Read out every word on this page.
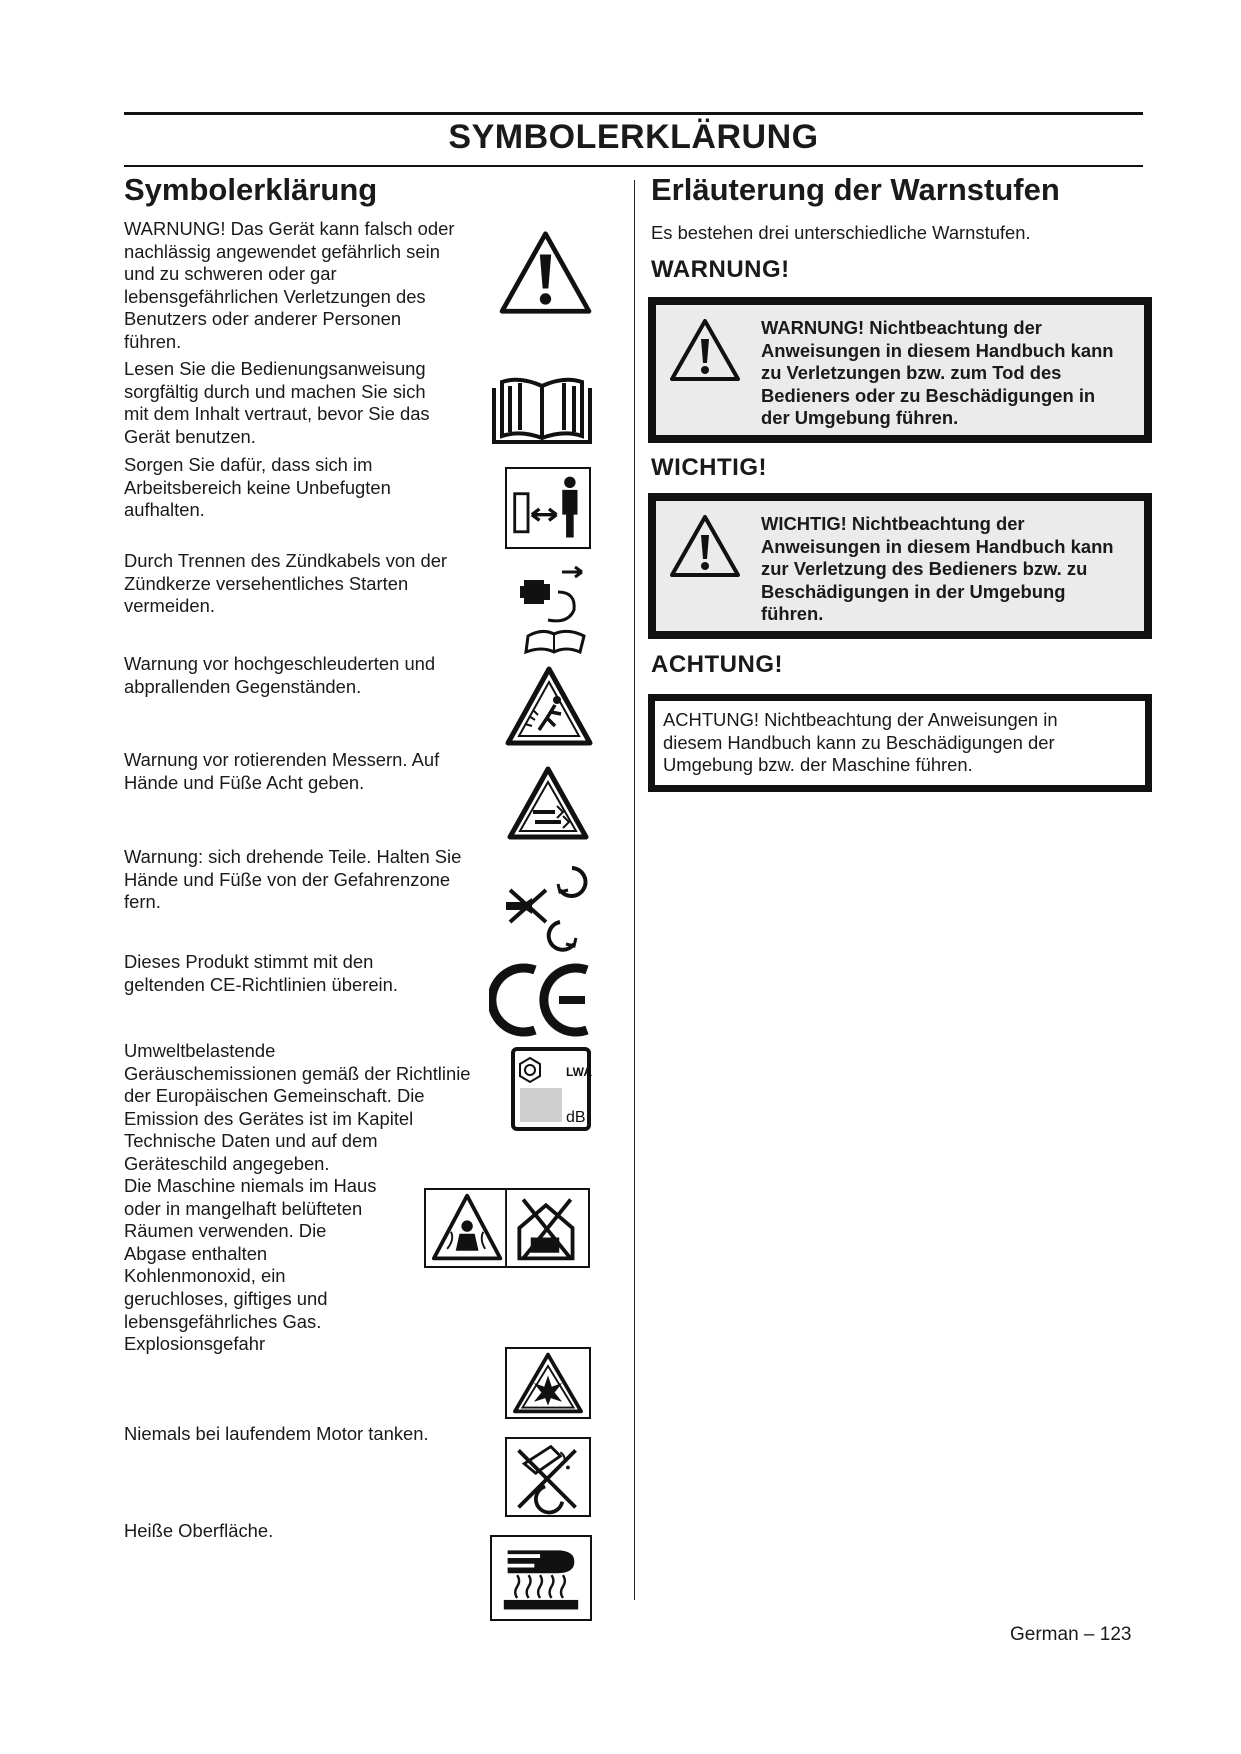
SYMBOLERKLÄRUNG
Symbolerklärung
WARNUNG! Das Gerät kann falsch oder
nachlässig angewendet gefährlich sein
und zu schweren oder gar
lebensgefährlichen Verletzungen des
Benutzers oder anderer Personen
führen.
Lesen Sie die Bedienungsanweisung
sorgfältig durch und machen Sie sich
mit dem Inhalt vertraut, bevor Sie das
Gerät benutzen.
Sorgen Sie dafür, dass sich im
Arbeitsbereich keine Unbefugten
aufhalten.
Durch Trennen des Zündkabels von der
Zündkerze versehentliches Starten
vermeiden.
Warnung vor hochgeschleuderten und
abprallenden Gegenständen.
Warnung vor rotierenden Messern. Auf
Hände und Füße Acht geben.
Warnung: sich drehende Teile. Halten Sie
Hände und Füße von der Gefahrenzone
fern.
Dieses Produkt stimmt mit den
geltenden CE-Richtlinien überein.
Umweltbelastende
Geräuschemissionen gemäß der Richtlinie
der Europäischen Gemeinschaft. Die
Emission des Gerätes ist im Kapitel
Technische Daten und auf dem
Geräteschild angegeben.
LWA
dB
Die Maschine niemals im Haus
oder in mangelhaft belüfteten
Räumen verwenden. Die
Abgase enthalten
Kohlenmonoxid, ein
geruchloses, giftiges und
lebensgefährliches Gas.
Explosionsgefahr
Niemals bei laufendem Motor tanken.
Heiße Oberfläche.
Erläuterung der Warnstufen
Es bestehen drei unterschiedliche Warnstufen.
WARNUNG!
WARNUNG! Nichtbeachtung der
Anweisungen in diesem Handbuch kann
zu Verletzungen bzw. zum Tod des
Bedieners oder zu Beschädigungen in
der Umgebung führen.
WICHTIG!
WICHTIG! Nichtbeachtung der
Anweisungen in diesem Handbuch kann
zur Verletzung des Bedieners bzw. zu
Beschädigungen in der Umgebung
führen.
ACHTUNG!
ACHTUNG! Nichtbeachtung der Anweisungen in
diesem Handbuch kann zu Beschädigungen der
Umgebung bzw. der Maschine führen.
German – 123
